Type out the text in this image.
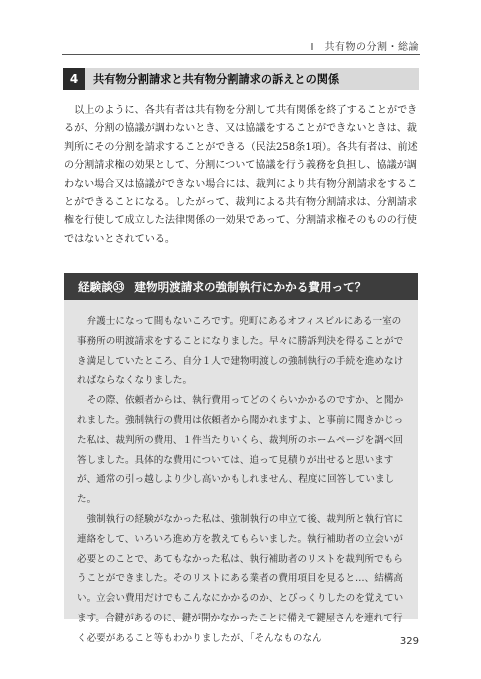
Ⅰ　共有物の分割・総論
4	共有物分割請求と共有物分割請求の訴えとの関係

以上のように、各共有者は共有物を分割して共有関係を終了することができるが、分割の協議が調わないとき、又は協議をすることができないときは、裁判所にその分割を請求することができる（民法258条1項）。各共有者は、前述の分割請求権の効果として、分割について協議を行う義務を負担し、協議が調わない場合又は協議ができない場合には、裁判により共有物分割請求をすることができることになる。したがって、裁判による共有物分割請求は、分割請求権を行使して成立した法律関係の一効果であって、分割請求権そのものの行使ではないとされている。

経験談㉝ 建物明渡請求の強制執行にかかる費用って？

弁護士になって間もないころです。兜町にあるオフィスビルにある一室の事務所の明渡請求をすることになりました。早々に勝訴判決を得ることができ満足していたところ、自分１人で建物明渡しの強制執行の手続を進めなければならなくなりました。

その際、依頼者からは、執行費用ってどのくらいかかるのですか、と聞かれました。強制執行の費用は依頼者から聞かれますよ、と事前に聞きかじった私は、裁判所の費用、１件当たりいくら、裁判所のホームページを調べ回答しました。具体的な費用については、追って見積りが出せると思いますが、通常の引っ越しより少し高いかもしれません、程度に回答していました。

強制執行の経験がなかった私は、強制執行の申立て後、裁判所と執行官に連絡をして、いろいろ進め方を教えてもらいました。執行補助者の立会いが必要とのことで、あてもなかった私は、執行補助者のリストを裁判所でもらうことができました。そのリストにある業者の費用項目を見ると…、結構高い。立会い費用だけでもこんなにかかるのか、とびっくりしたのを覚えています。合鍵があるのに、鍵が開かなかったことに備えて鍵屋さんを連れて行く必要があること等もわかりましたが、「そんなものなん	329
